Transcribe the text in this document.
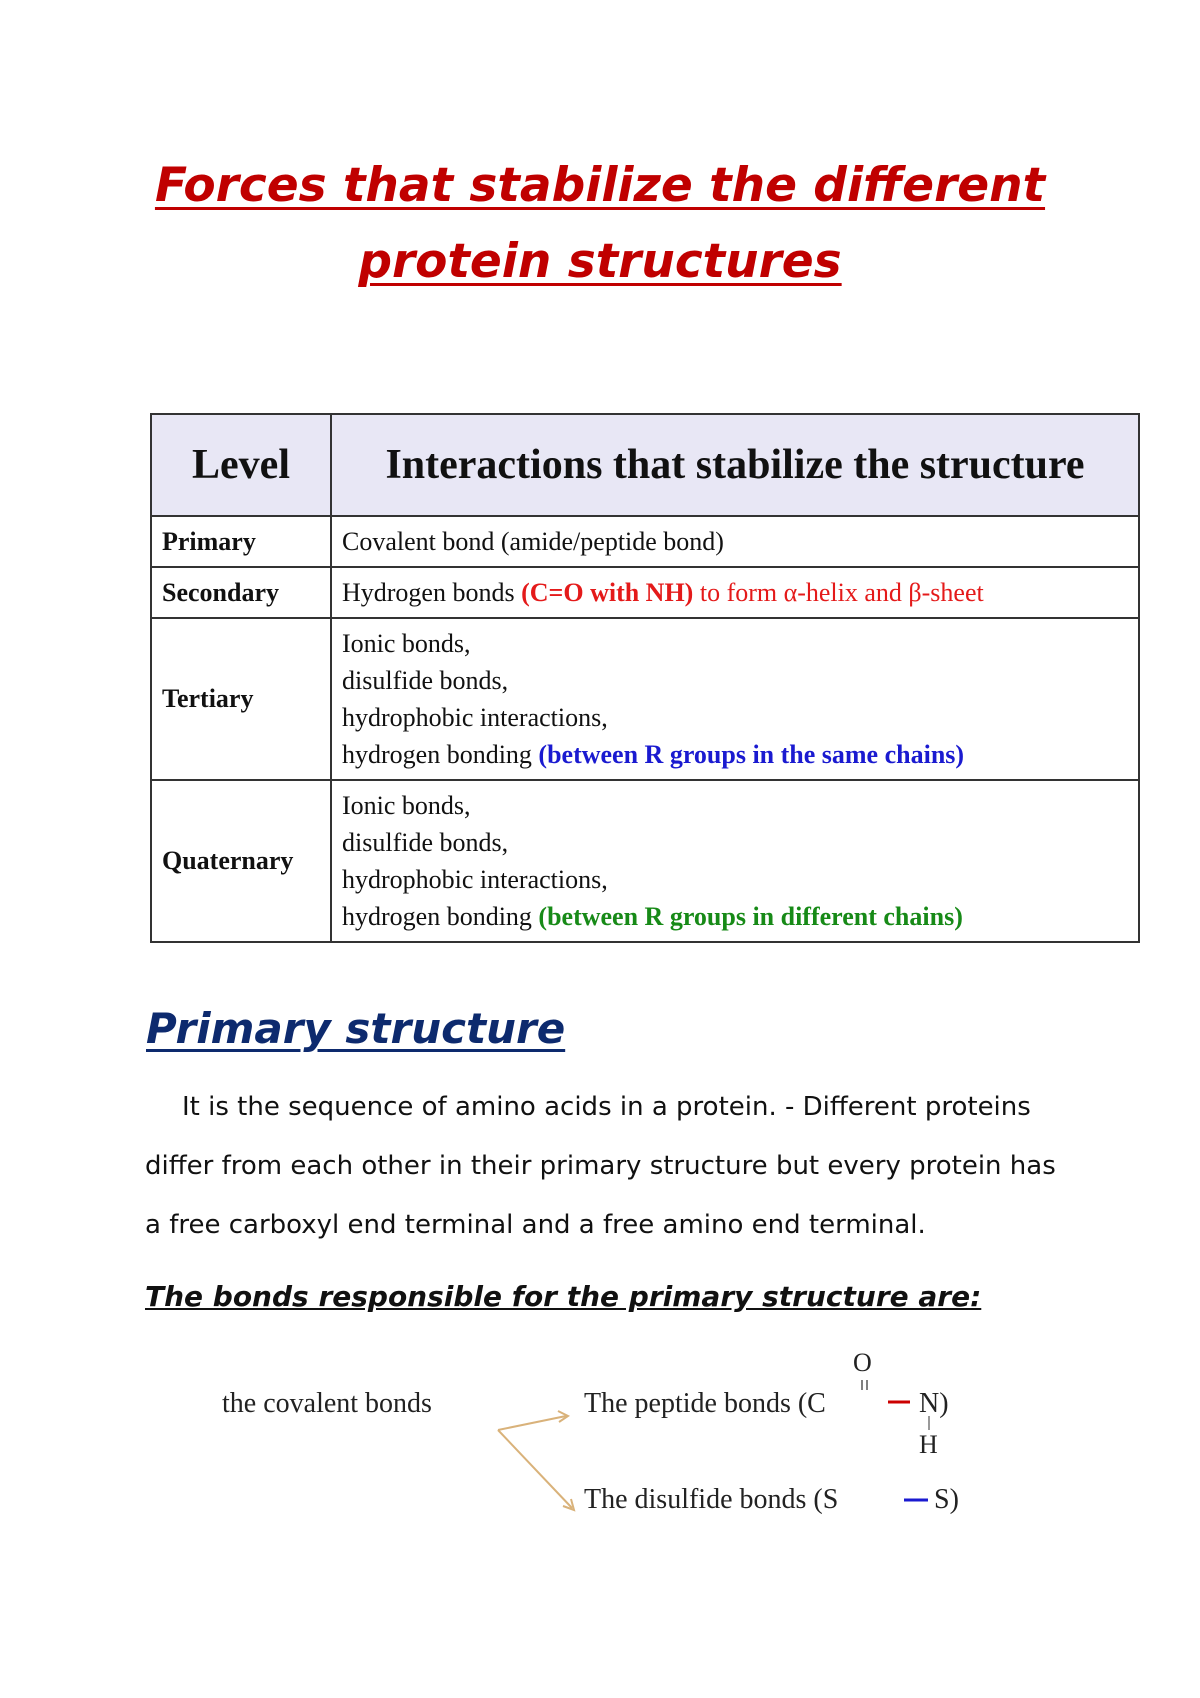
Forces that stabilize the different
protein structures
Level	Interactions that stabilize the structure
Primary	Covalent bond (amide/peptide bond)
Secondary	Hydrogen bonds (C=O with NH) to form α-helix and β-sheet
Tertiary	Ionic bonds,
disulfide bonds,
hydrophobic interactions,
hydrogen bonding (between R groups in the same chains)

Quaternary	Ionic bonds,
disulfide bonds,
hydrophobic interactions,
hydrogen bonding (between R groups in different chains)
Primary structure
It is the sequence of amino acids in a protein. - Different proteins
differ from each other in their primary structure but every protein has
a free carboxyl end terminal and a free amino end terminal.
The bonds responsible for the primary structure are:
the covalent bonds	The peptide bonds (C	N)
O
H
The disulfide bonds (S	S)
